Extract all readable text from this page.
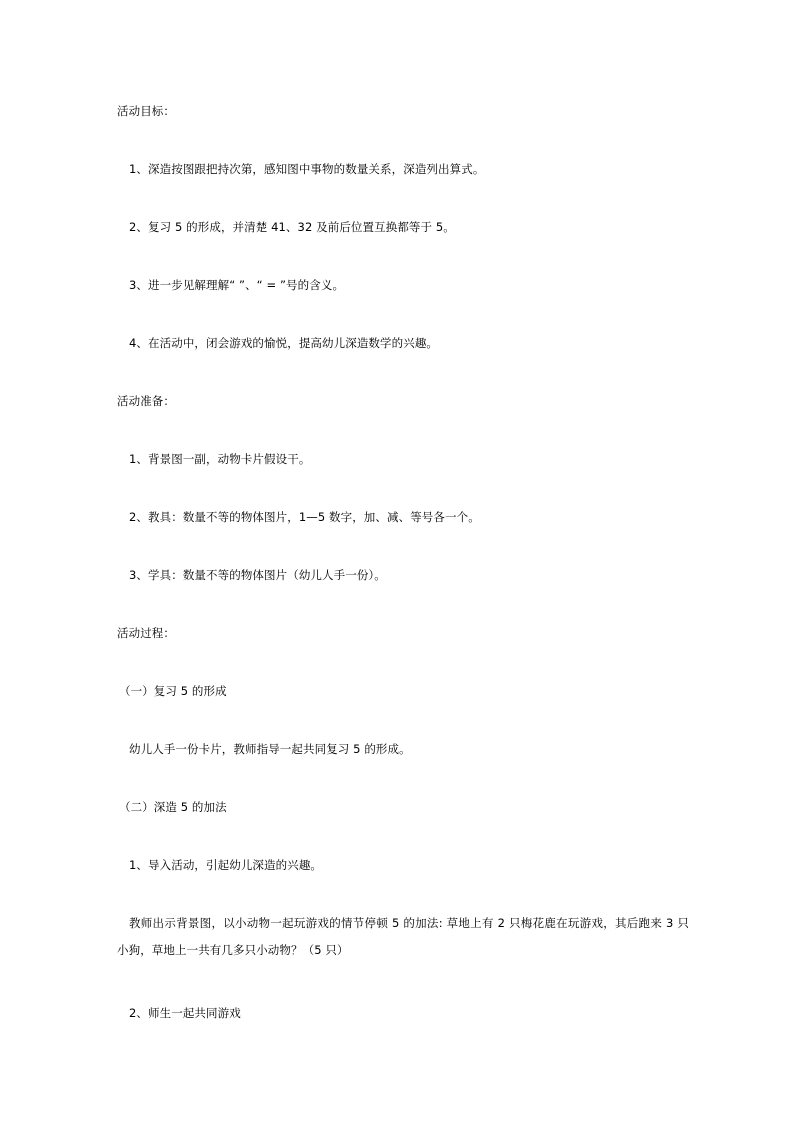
活动目标：
1、深造按图跟把持次第，感知图中事物的数量关系，深造列出算式。
2、复习 5 的形成，并清楚 41、32 及前后位置互换都等于 5。
3、进一步见解理解“ ”、“ = ”号的含义。
4、在活动中，闭会游戏的愉悦，提高幼儿深造数学的兴趣。
活动准备：
1、背景图一副，动物卡片假设干。
2、教具：数量不等的物体图片，1—5 数字，加、减、等号各一个。
3、学具：数量不等的物体图片（幼儿人手一份）。
活动过程：
（一）复习 5 的形成
幼儿人手一份卡片，教师指导一起共同复习 5 的形成。
（二）深造 5 的加法
1、导入活动，引起幼儿深造的兴趣。
教师出示背景图，以小动物一起玩游戏的情节停顿 5 的加法: 草地上有 2 只梅花鹿在玩游戏，其后跑来 3 只小狗，草地上一共有几多只小动物？（5 只）
2、师生一起共同游戏
